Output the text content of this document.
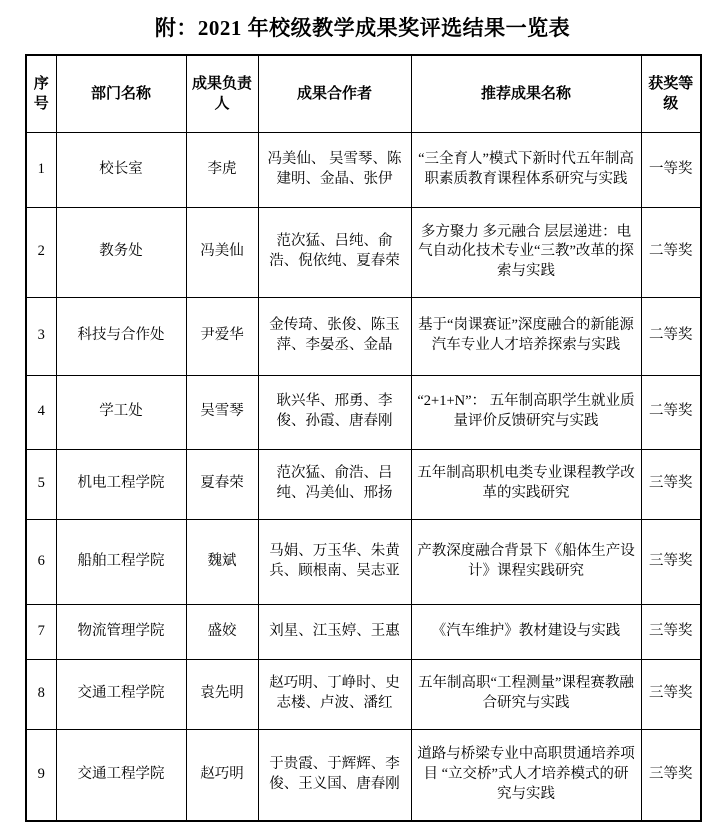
附：2021 年校级教学成果奖评选结果一览表
序号	部门名称	成果负责人	成果合作者	推荐成果名称	获奖等级
1	校长室	李虎	冯美仙、 吴雪琴、陈建明、金晶、张伊	“三全育人”模式下新时代五年制高职素质教育课程体系研究与实践	一等奖
2	教务处	冯美仙	范次猛、吕纯、俞浩、倪依纯、夏春荣	多方聚力 多元融合 层层递进：电气自动化技术专业“三教”改革的探索与实践	二等奖
3	科技与合作处	尹爱华	金传琦、张俊、陈玉萍、李晏丞、金晶	基于“岗课赛证”深度融合的新能源汽车专业人才培养探索与实践	二等奖
4	学工处	吴雪琴	耿兴华、邢勇、李俊、孙霞、唐春刚	“2+1+N”： 五年制高职学生就业质量评价反馈研究与实践	二等奖
5	机电工程学院	夏春荣	范次猛、俞浩、吕纯、冯美仙、邢扬	五年制高职机电类专业课程教学改革的实践研究	三等奖
6	船舶工程学院	魏斌	马娟、万玉华、朱黄兵、顾根南、吴志亚	产教深度融合背景下《船体生产设计》课程实践研究	三等奖
7	物流管理学院	盛姣	刘星、江玉婷、王惠	《汽车维护》教材建设与实践	三等奖
8	交通工程学院	袁先明	赵巧明、丁峥时、史志楼、卢波、潘红	五年制高职“工程测量”课程赛教融合研究与实践	三等奖
9	交通工程学院	赵巧明	于贵霞、于辉辉、李俊、王义国、唐春刚	道路与桥梁专业中高职贯通培养项目 “立交桥”式人才培养模式的研究与实践	三等奖
